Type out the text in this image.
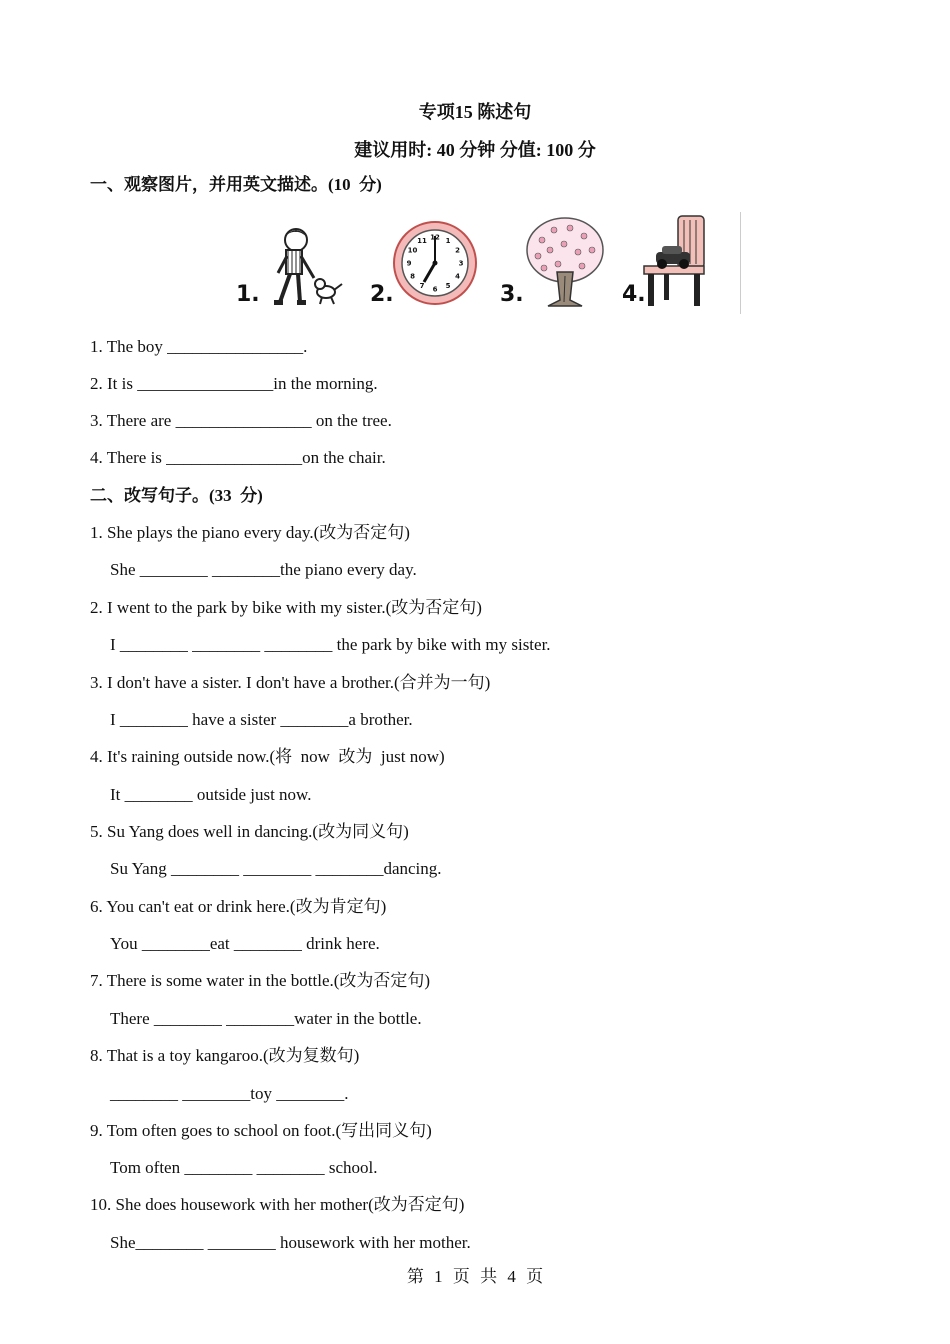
专项15 陈述句
建议用时: 40 分钟 分值: 100 分
一、观察图片，并用英文描述。(10  分)
1.	2.
12 1
2
3
4
5
6
7
8
9
10
11
3.	4.
1. The boy ________________.
2. It is ________________in the morning.
3. There are ________________ on the tree.
4. There is ________________on the chair.
二、改写句子。(33  分)
1. She plays the piano every day.(改为否定句)
She ________ ________the piano every day.
2. I went to the park by bike with my sister.(改为否定句)
I ________ ________ ________ the park by bike with my sister.
3. I don't have a sister. I don't have a brother.(合并为一句)
I ________ have a sister ________a brother.
4. It's raining outside now.(将  now  改为  just now)
It ________ outside just now.
5. Su Yang does well in dancing.(改为同义句)
Su Yang ________ ________ ________dancing.
6. You can't eat or drink here.(改为肯定句)
You ________eat ________ drink here.
7. There is some water in the bottle.(改为否定句)
There ________ ________water in the bottle.
8. That is a toy kangaroo.(改为复数句)
________ ________toy ________.
9. Tom often goes to school on foot.(写出同义句)
Tom often ________ ________ school.
10. She does housework with her mother(改为否定句)
She________ ________ housework with her mother.
第 1 页 共 4 页
